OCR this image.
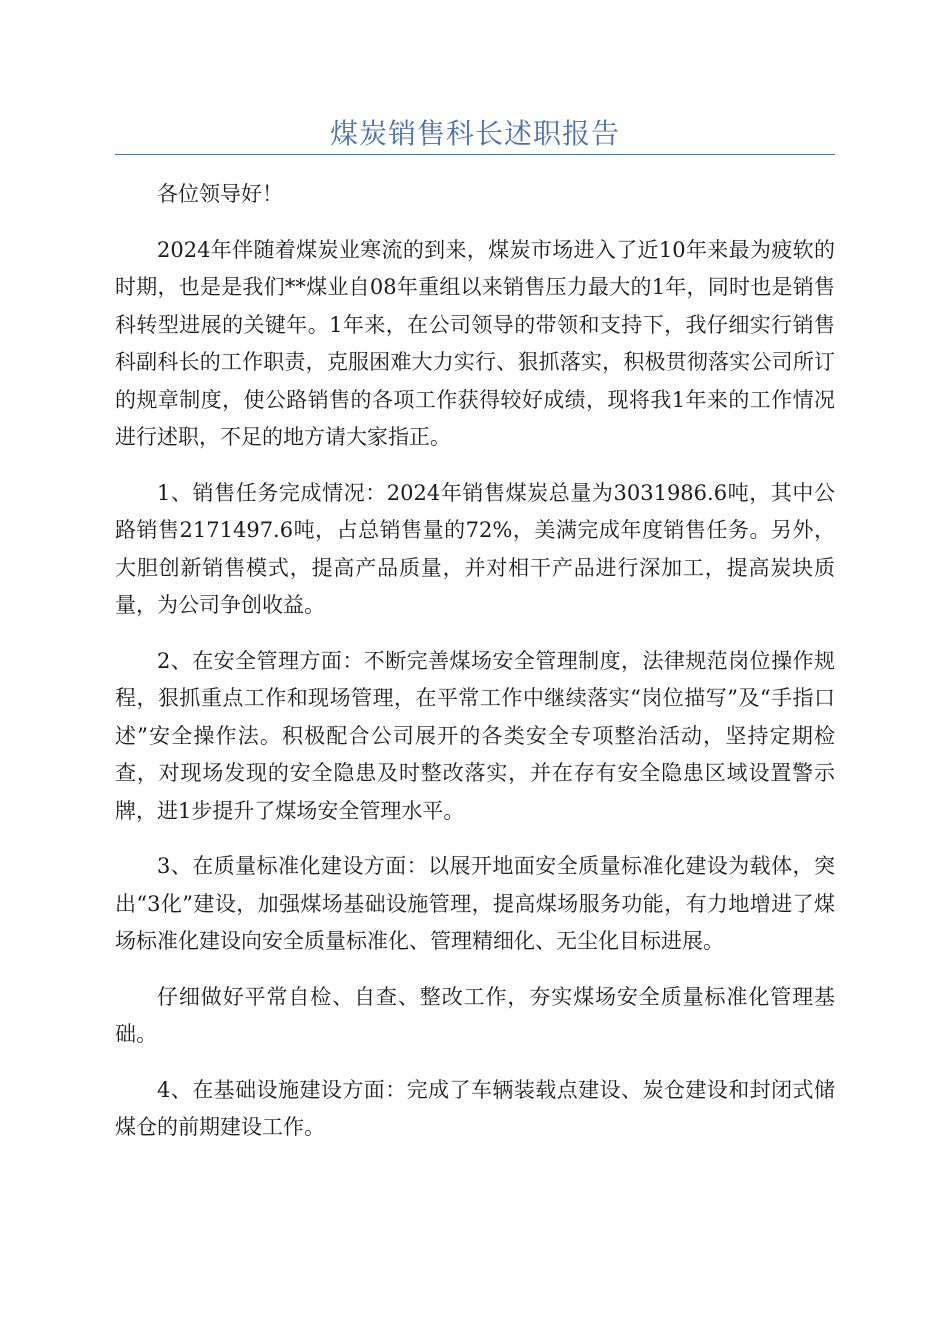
煤炭销售科长述职报告

各位领导好！

2024年伴随着煤炭业寒流的到来，煤炭市场进入了近10年来最为疲软的时期，也是是我们**煤业自08年重组以来销售压力最大的1年，同时也是销售科转型进展的关键年。1年来，在公司领导的带领和支持下，我仔细实行销售科副科长的工作职责，克服困难大力实行、狠抓落实，积极贯彻落实公司所订的规章制度，使公路销售的各项工作获得较好成绩，现将我1年来的工作情况进行述职，不足的地方请大家指正。

1、销售任务完成情况：2024年销售煤炭总量为3031986.6吨，其中公路销售2171497.6吨，占总销售量的72%，美满完成年度销售任务。另外，大胆创新销售模式，提高产品质量，并对相干产品进行深加工，提高炭块质量，为公司争创收益。

2、在安全管理方面：不断完善煤场安全管理制度，法律规范岗位操作规程，狠抓重点工作和现场管理，在平常工作中继续落实“岗位描写”及“手指口述”安全操作法。积极配合公司展开的各类安全专项整治活动，坚持定期检查，对现场发现的安全隐患及时整改落实，并在存有安全隐患区域设置警示牌，进1步提升了煤场安全管理水平。

3、在质量标准化建设方面：以展开地面安全质量标准化建设为载体，突出“3化”建设，加强煤场基础设施管理，提高煤场服务功能，有力地增进了煤场标准化建设向安全质量标准化、管理精细化、无尘化目标进展。

仔细做好平常自检、自查、整改工作，夯实煤场安全质量标准化管理基础。

4、在基础设施建设方面：完成了车辆装载点建设、炭仓建设和封闭式储煤仓的前期建设工作。
